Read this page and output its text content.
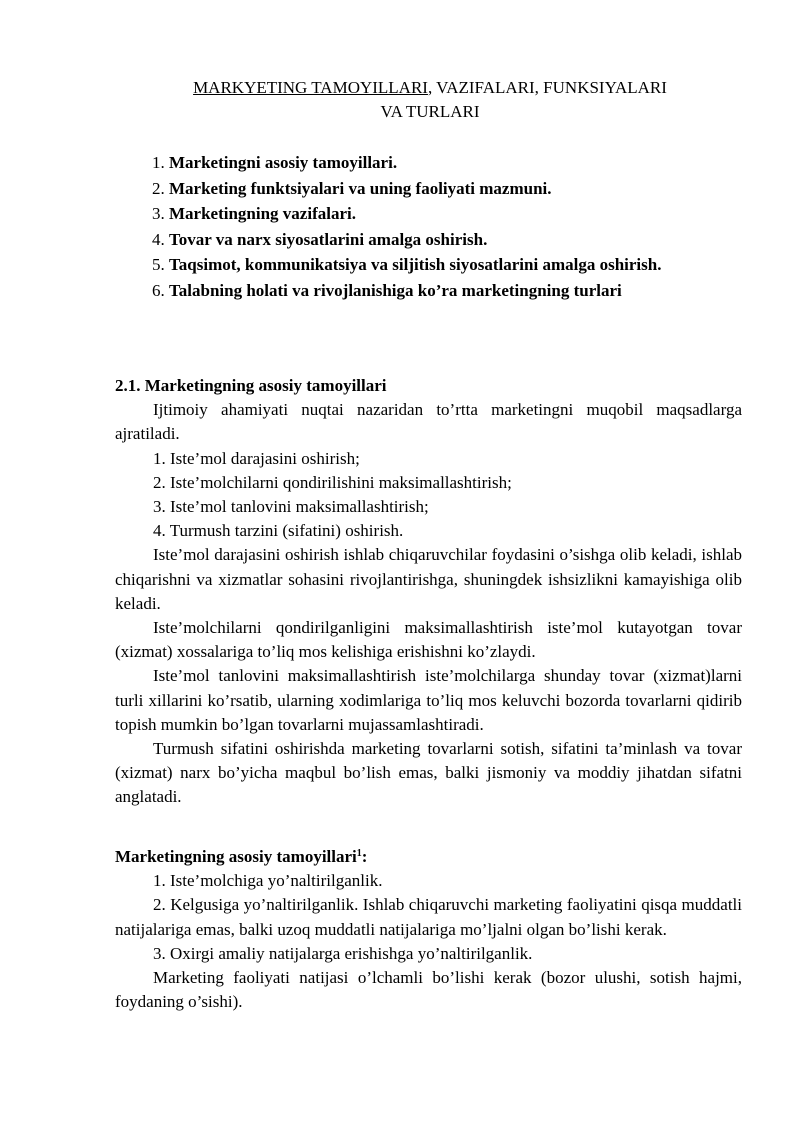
MARKYETING TAMOYILLARI, VAZIFALARI, FUNKSIYALARI
VA TURLARI
1. Marketingni asosiy tamoyillari.
2. Marketing funktsiyalari va uning faoliyati mazmuni.
3. Marketingning vazifalari.
4. Tovar va narx siyosatlarini amalga oshirish.
5. Taqsimot, kommunikatsiya va siljitish siyosatlarini amalga oshirish.
6. Talabning holati va rivojlanishiga ko’ra marketingning turlari

2.1. Marketingning asosiy tamoyillari

Ijtimoiy ahamiyati nuqtai nazaridan to’rtta marketingni muqobil maqsadlarga ajratiladi.

1. Iste’mol darajasini oshirish;

2. Iste’molchilarni qondirilishini maksimallashtirish;

3. Iste’mol tanlovini maksimallashtirish;

4. Turmush tarzini (sifatini) oshirish.

Iste’mol darajasini oshirish ishlab chiqaruvchilar foydasini o’sishga olib keladi, ishlab chiqarishni va xizmatlar sohasini rivojlantirishga, shuningdek ishsizlikni kamayishiga olib keladi.

Iste’molchilarni qondirilganligini maksimallashtirish iste’mol kutayotgan tovar (xizmat) xossalariga to’liq mos kelishiga erishishni ko’zlaydi.

Iste’mol tanlovini maksimallashtirish iste’molchilarga shunday tovar (xizmat)larni turli xillarini ko’rsatib, ularning xodimlariga to’liq mos keluvchi bozorda tovarlarni qidirib topish mumkin bo’lgan tovarlarni mujassamlashtiradi.

Turmush sifatini oshirishda marketing tovarlarni sotish, sifatini ta’minlash va tovar (xizmat) narx bo’yicha maqbul bo’lish emas, balki jismoniy va moddiy jihatdan sifatni anglatadi.

Marketingning asosiy tamoyillari$^1$:

1. Iste’molchiga yo’naltirilganlik.

2. Kelgusiga yo’naltirilganlik. Ishlab chiqaruvchi marketing faoliyatini qisqa muddatli natijalariga emas, balki uzoq muddatli natijalariga mo’ljalni olgan bo’lishi kerak.

3. Oxirgi amaliy natijalarga erishishga yo’naltirilganlik.

Marketing faoliyati natijasi o’lchamli bo’lishi kerak (bozor ulushi, sotish hajmi, foydaning o’sishi).
